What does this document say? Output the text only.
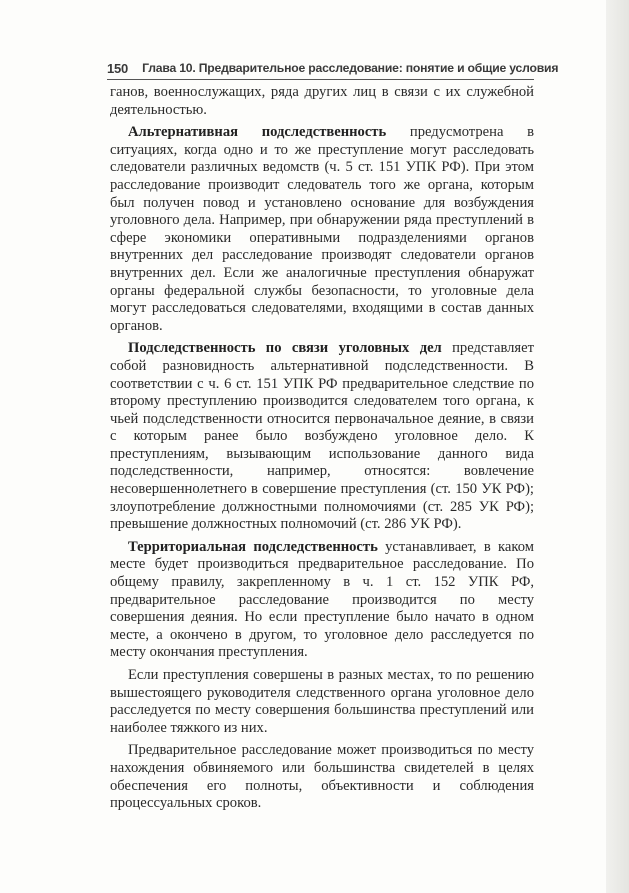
150 Глава 10. Предварительное расследование: понятие и общие условия

ганов, военнослужащих, ряда других лиц в связи с их служебной деятельностью.

Альтернативная подследственность предусмотрена в ситуациях, когда одно и то же преступление могут расследовать следователи различных ведомств (ч. 5 ст. 151 УПК РФ). При этом расследование производит следователь того же органа, которым был получен повод и установлено основание для возбуждения уголовного дела. Например, при обнаружении ряда преступлений в сфере экономики оперативными подразделениями органов внутренних дел расследование производят следователи органов внутренних дел. Если же аналогичные преступления обнаружат органы федеральной службы безопасности, то уголовные дела могут расследоваться следователями, входящими в состав данных органов.

Подследственность по связи уголовных дел представляет собой разновидность альтернативной подследственности. В соответствии с ч. 6 ст. 151 УПК РФ предварительное следствие по второму преступлению производится следователем того органа, к чьей подследственности относится первоначальное деяние, в связи с которым ранее было возбуждено уголовное дело. К преступлениям, вызывающим использование данного вида подследственности, например, относятся: вовлечение несовершеннолетнего в совершение преступления (ст. 150 УК РФ); злоупотребление должностными полномочиями (ст. 285 УК РФ); превышение должностных полномочий (ст. 286 УК РФ).

Территориальная подследственность устанавливает, в каком месте будет производиться предварительное расследование. По общему правилу, закрепленному в ч. 1 ст. 152 УПК РФ, предварительное расследование производится по месту совершения деяния. Но если преступление было начато в одном месте, а окончено в другом, то уголовное дело расследуется по месту окончания преступления.

Если преступления совершены в разных местах, то по решению вышестоящего руководителя следственного органа уголовное дело расследуется по месту совершения большинства преступлений или наиболее тяжкого из них.

Предварительное расследование может производиться по месту нахождения обвиняемого или большинства свидетелей в целях обеспечения его полноты, объективности и соблюдения процессуальных сроков.
